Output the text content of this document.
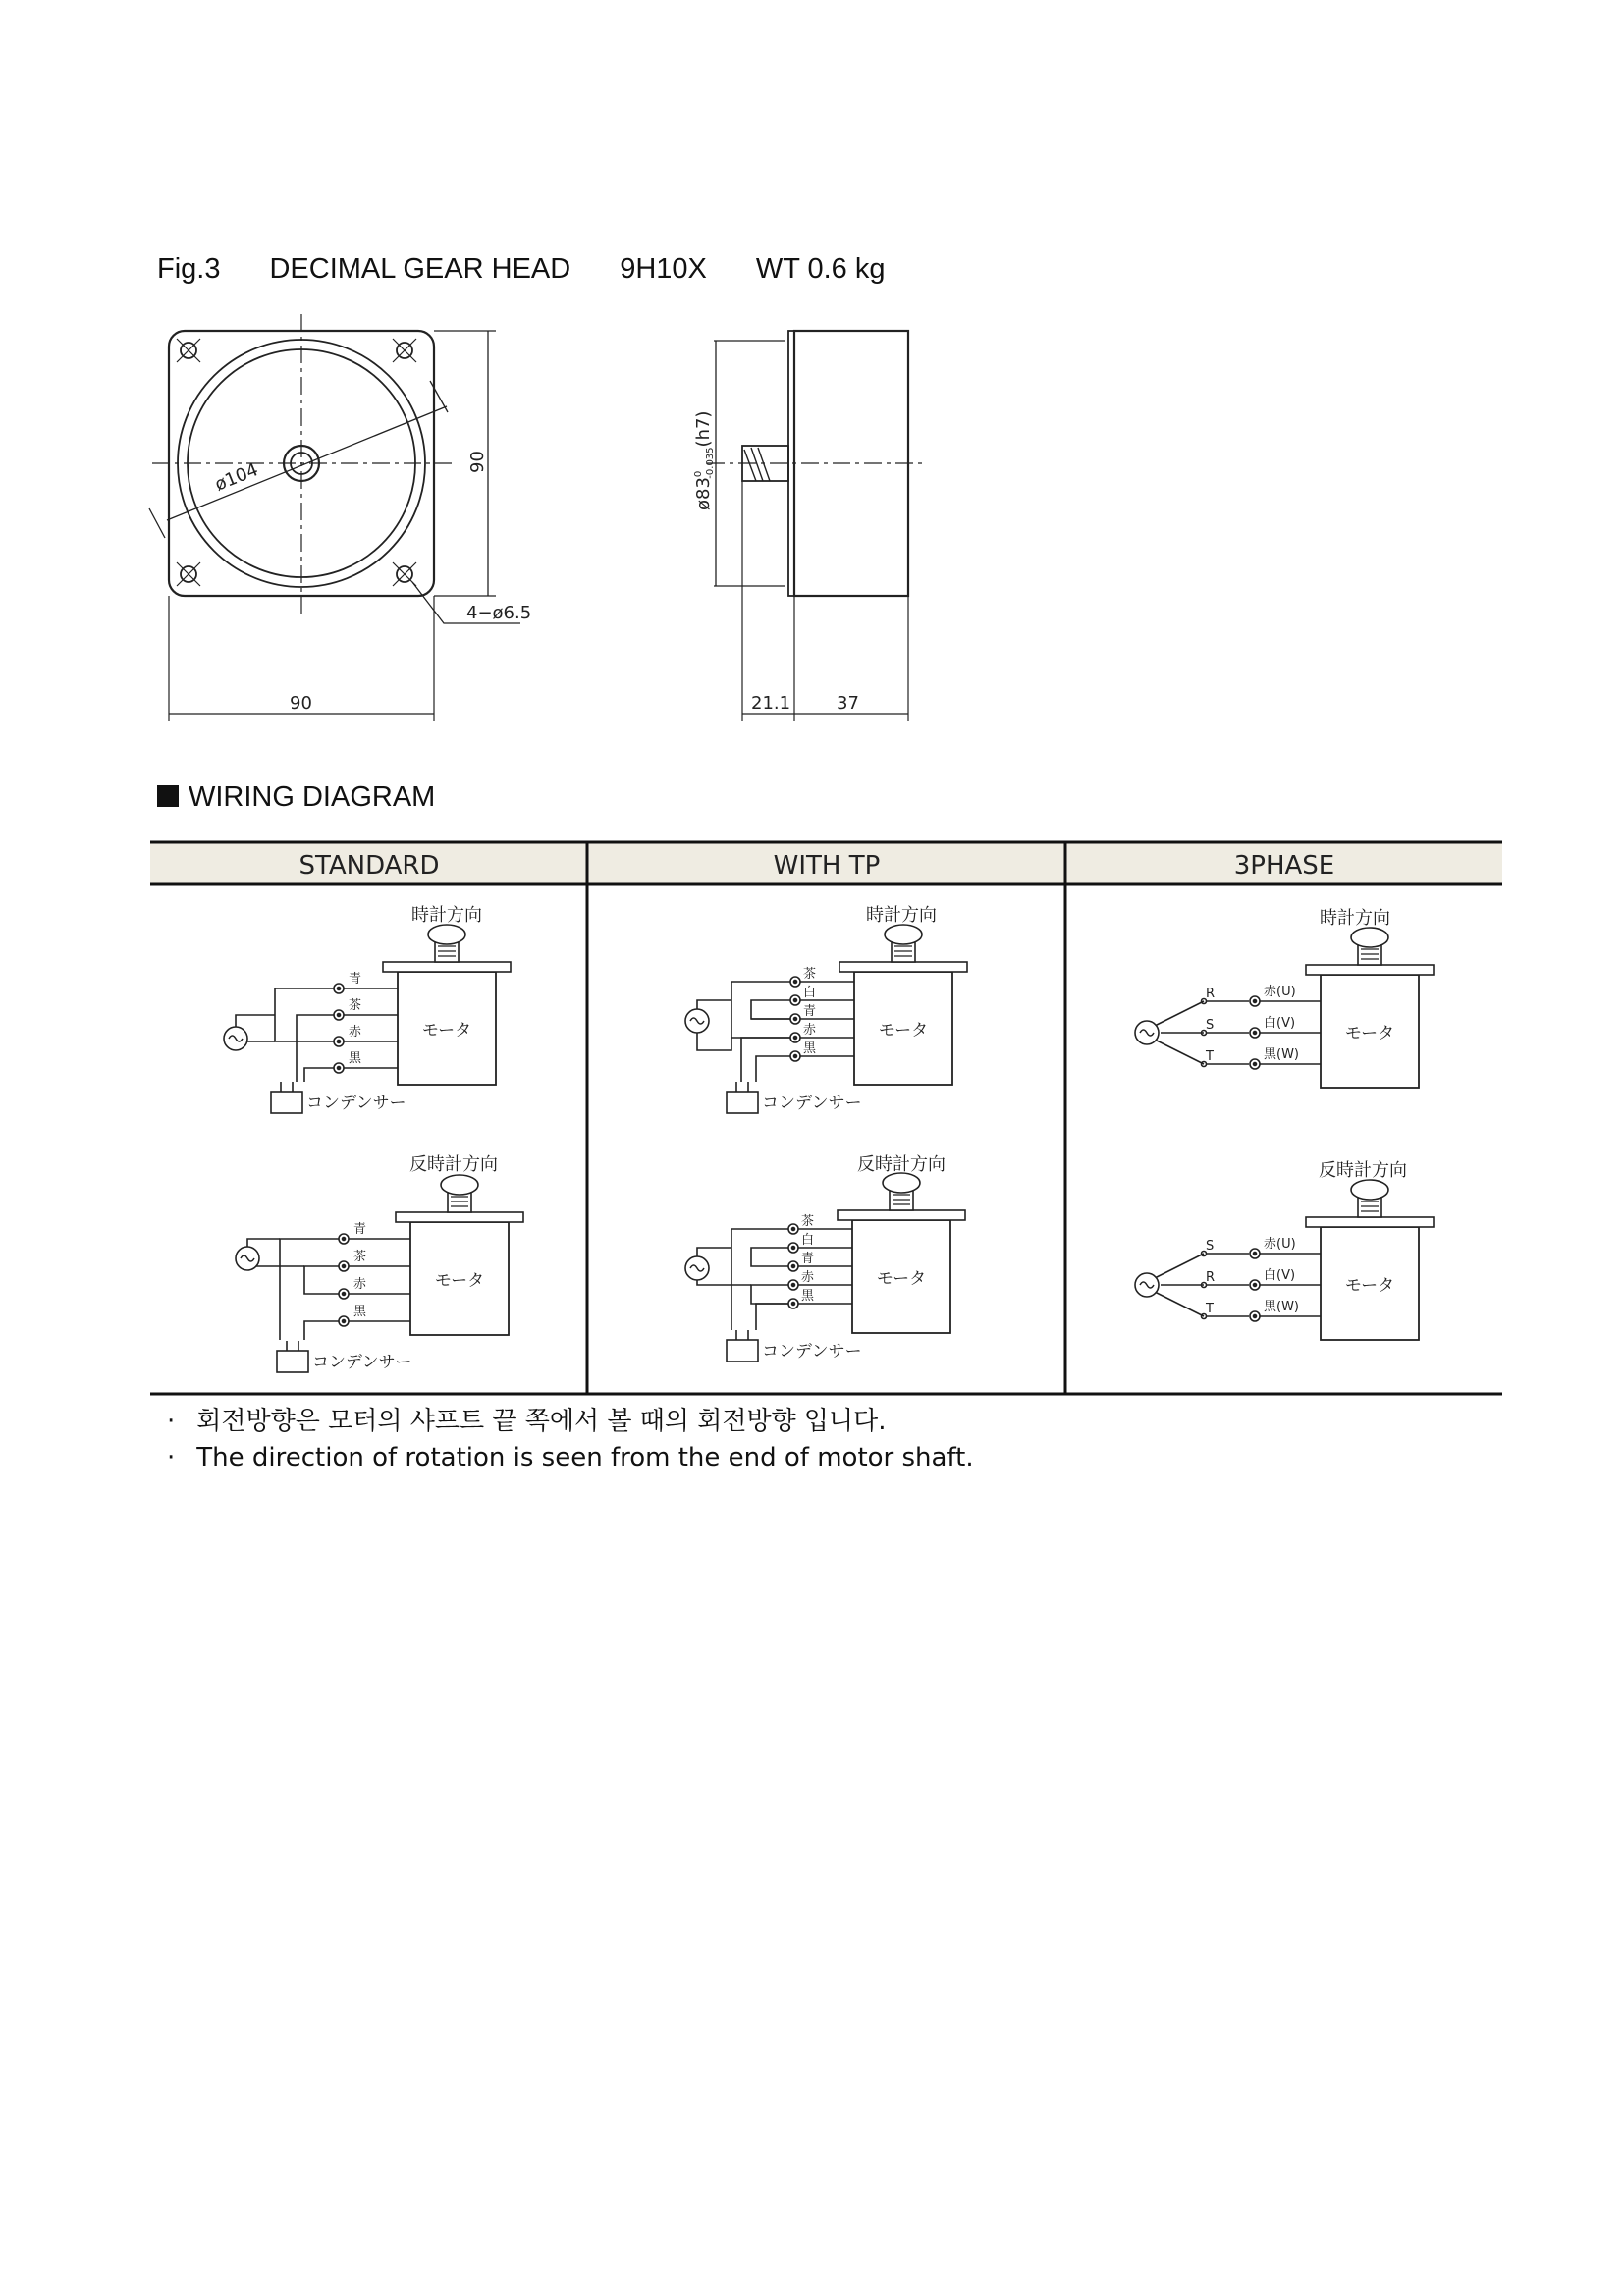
Fig.3 DECIMAL GEAR HEAD 9H10X WT 0.6 kg
ø104	90
90
4−ø6.5
$ø83^0-0.035(h7)$
21.1	37
WIRING DIAGRAM
STANDARD	WITH TP	3PHASE
モータ
時計方向
青
茶
赤
黒
コンデンサー
モータ
反時計方向
青
茶
赤
黒
コンデンサー
モータ
時計方向
茶
白
青
赤
黒
コンデンサー
モータ
反時計方向
茶
白
青
赤
黒
コンデンサー
モータ
時計方向
赤(U)
白(V)
黒(W)
R
S
T
モータ
反時計方向
赤(U)
白(V)
黒(W)
S
R
T
· 회전방향은 모터의 샤프트 끝 쪽에서 볼 때의 회전방향 입니다.
· The direction of rotation is seen from the end of motor shaft.
